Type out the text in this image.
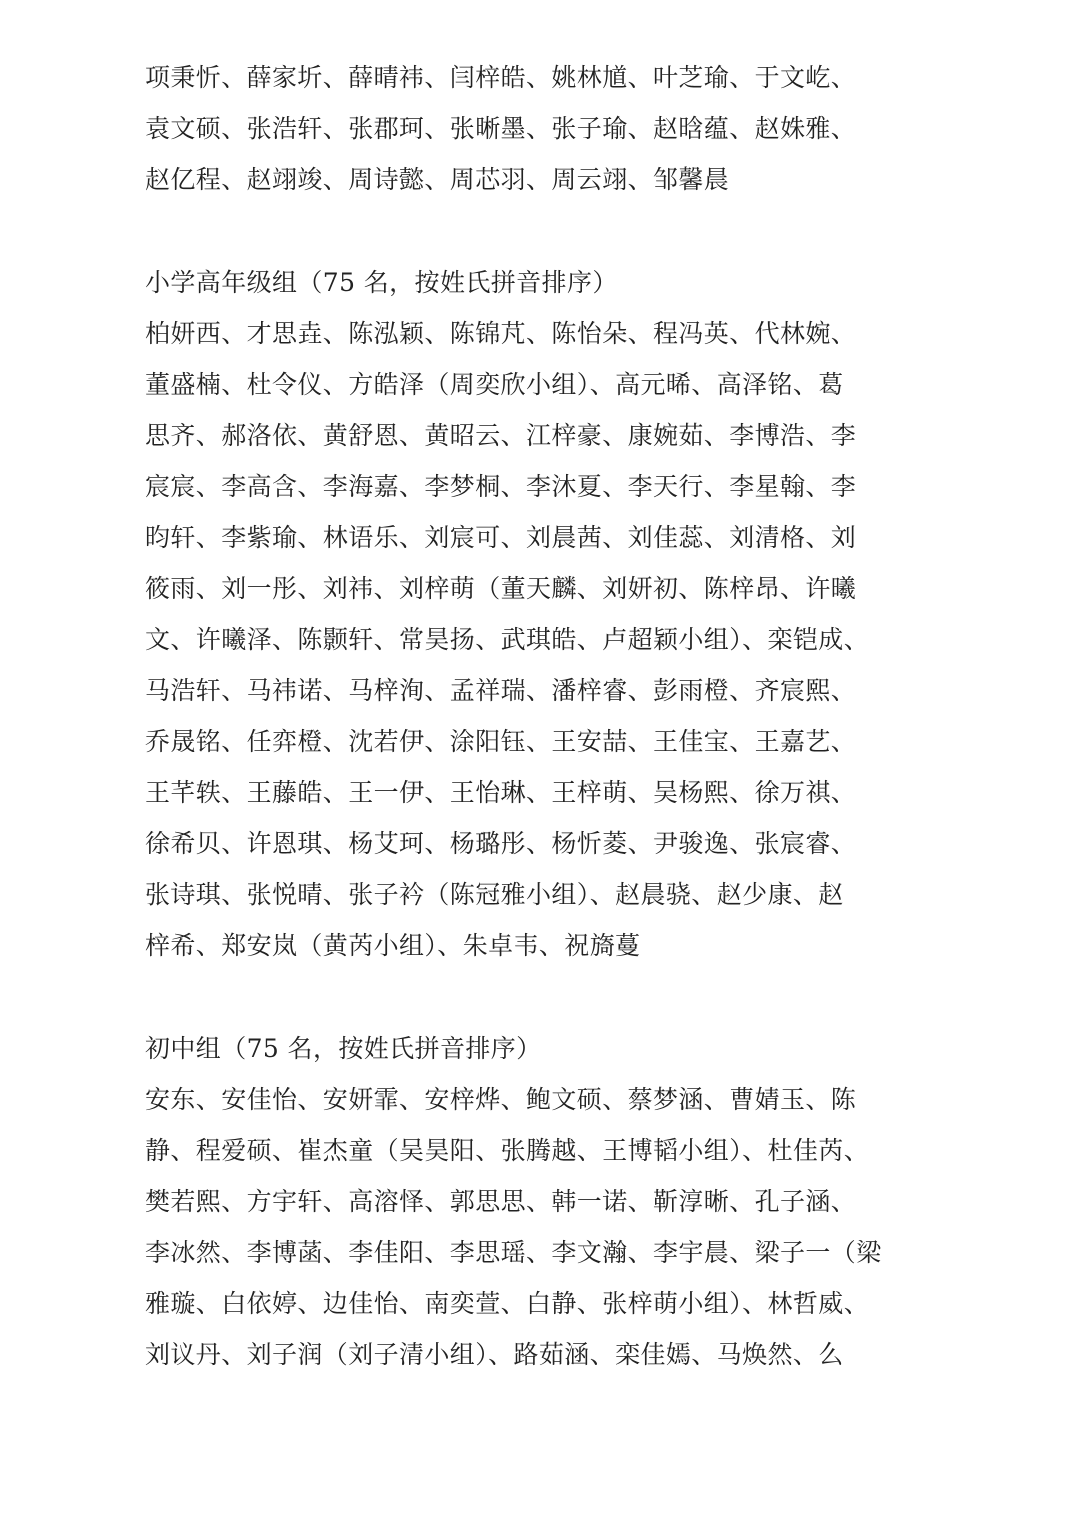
项秉忻、薛家圻、薛晴祎、闫梓皓、姚林馗、叶芝瑜、于文屹、
袁文硕、张浩轩、张郡珂、张晰墨、张子瑜、赵晗蕴、赵姝雅、
赵亿程、赵翊竣、周诗懿、周芯羽、周云翊、邹馨晨
小学高年级组（75 名，按姓氏拼音排序）
柏妍西、才思垚、陈泓颖、陈锦芃、陈怡朵、程冯英、代林婉、
董盛楠、杜令仪、方皓泽（周奕欣小组）、高元晞、高泽铭、葛
思齐、郝洛依、黄舒恩、黄昭云、江梓豪、康婉茹、李博浩、李
宸宸、李高含、李海嘉、李梦桐、李沐夏、李天行、李星翰、李
昀轩、李紫瑜、林语乐、刘宸可、刘晨茜、刘佳蕊、刘清格、刘
筱雨、刘一彤、刘祎、刘梓萌（董天麟、刘妍初、陈梓昂、许曦
文、许曦泽、陈颢轩、常昊扬、武琪皓、卢超颖小组）、栾铠成、
马浩轩、马祎诺、马梓洵、孟祥瑞、潘梓睿、彭雨橙、齐宸熙、
乔晟铭、任弈橙、沈若伊、涂阳钰、王安喆、王佳宝、王嘉艺、
王芊轶、王藤皓、王一伊、王怡琳、王梓萌、吴杨熙、徐万祺、
徐希贝、许恩琪、杨艾珂、杨璐彤、杨忻菱、尹骏逸、张宸睿、
张诗琪、张悦晴、张子衿（陈冠雅小组）、赵晨骁、赵少康、赵
梓希、郑安岚（黄芮小组）、朱卓韦、祝旖蔓
初中组（75 名，按姓氏拼音排序）
安东、安佳怡、安妍霏、安梓烨、鲍文硕、蔡梦涵、曹婧玉、陈
静、程爱硕、崔杰童（吴昊阳、张腾越、王博韬小组）、杜佳芮、
樊若熙、方宇轩、高溶怿、郭思思、韩一诺、靳淳晰、孔子涵、
李冰然、李博菡、李佳阳、李思瑶、李文瀚、李宇晨、梁子一（梁
雅璇、白依婷、边佳怡、南奕萱、白静、张梓萌小组）、林哲威、
刘议丹、刘子润（刘子清小组）、路茹涵、栾佳嫣、马焕然、么
